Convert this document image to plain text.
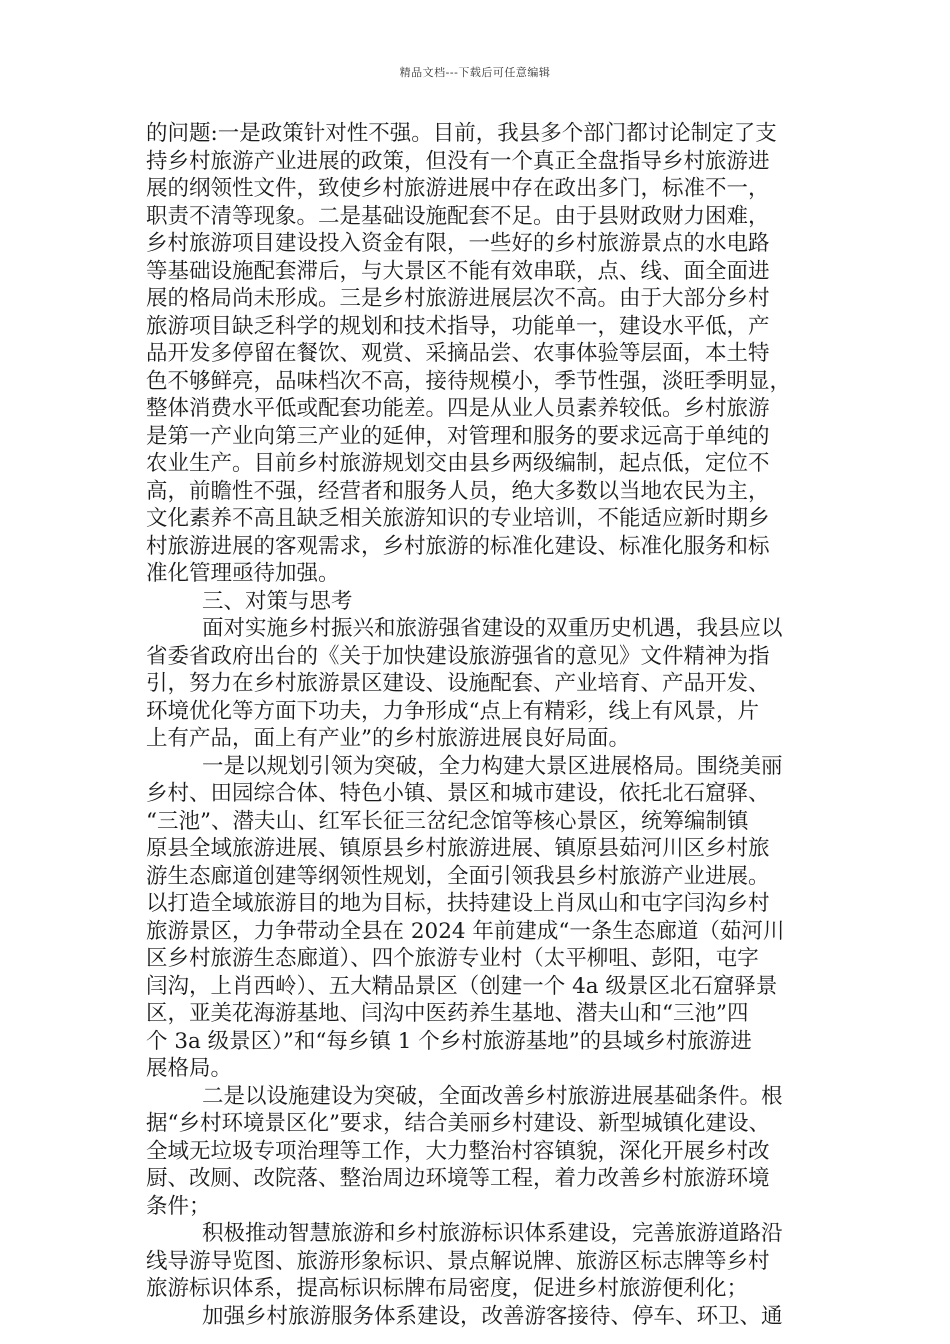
精品文档---下载后可任意编辑
的问题:一是政策针对性不强。目前，我县多个部门都讨论制定了支
持乡村旅游产业进展的政策，但没有一个真正全盘指导乡村旅游进
展的纲领性文件，致使乡村旅游进展中存在政出多门，标准不一，
职责不清等现象。二是基础设施配套不足。由于县财政财力困难，
乡村旅游项目建设投入资金有限，一些好的乡村旅游景点的水电路
等基础设施配套滞后，与大景区不能有效串联，点、线、面全面进
展的格局尚未形成。三是乡村旅游进展层次不高。由于大部分乡村
旅游项目缺乏科学的规划和技术指导，功能单一，建设水平低，产
品开发多停留在餐饮、观赏、采摘品尝、农事体验等层面，本土特
色不够鲜亮，品味档次不高，接待规模小，季节性强，淡旺季明显，
整体消费水平低或配套功能差。四是从业人员素养较低。乡村旅游
是第一产业向第三产业的延伸，对管理和服务的要求远高于单纯的
农业生产。目前乡村旅游规划交由县乡两级编制，起点低，定位不
高，前瞻性不强，经营者和服务人员，绝大多数以当地农民为主，
文化素养不高且缺乏相关旅游知识的专业培训，不能适应新时期乡
村旅游进展的客观需求，乡村旅游的标准化建设、标准化服务和标
准化管理亟待加强。
三、对策与思考
面对实施乡村振兴和旅游强省建设的双重历史机遇，我县应以
省委省政府出台的《关于加快建设旅游强省的意见》文件精神为指
引，努力在乡村旅游景区建设、设施配套、产业培育、产品开发、
环境优化等方面下功夫，力争形成“点上有精彩，线上有风景，片
上有产品，面上有产业”的乡村旅游进展良好局面。
一是以规划引领为突破，全力构建大景区进展格局。围绕美丽
乡村、田园综合体、特色小镇、景区和城市建设，依托北石窟驿、
“三池”、潜夫山、红军长征三岔纪念馆等核心景区，统筹编制镇
原县全域旅游进展、镇原县乡村旅游进展、镇原县茹河川区乡村旅
游生态廊道创建等纲领性规划，全面引领我县乡村旅游产业进展。
以打造全域旅游目的地为目标，扶持建设上肖凤山和屯字闫沟乡村
旅游景区，力争带动全县在 2024 年前建成“一条生态廊道（茹河川
区乡村旅游生态廊道）、四个旅游专业村（太平柳咀、彭阳，屯字
闫沟，上肖西岭）、五大精品景区（创建一个 4a 级景区北石窟驿景
区，亚美花海游基地、闫沟中医药养生基地、潜夫山和“三池”四
个 3a 级景区）”和“每乡镇 1 个乡村旅游基地”的县域乡村旅游进
展格局。
二是以设施建设为突破，全面改善乡村旅游进展基础条件。根
据“乡村环境景区化”要求，结合美丽乡村建设、新型城镇化建设、
全域无垃圾专项治理等工作，大力整治村容镇貌，深化开展乡村改
厨、改厕、改院落、整治周边环境等工程，着力改善乡村旅游环境
条件；
积极推动智慧旅游和乡村旅游标识体系建设，完善旅游道路沿
线导游导览图、旅游形象标识、景点解说牌、旅游区标志牌等乡村
旅游标识体系，提高标识标牌布局密度，促进乡村旅游便利化；
加强乡村旅游服务体系建设，改善游客接待、停车、环卫、通
